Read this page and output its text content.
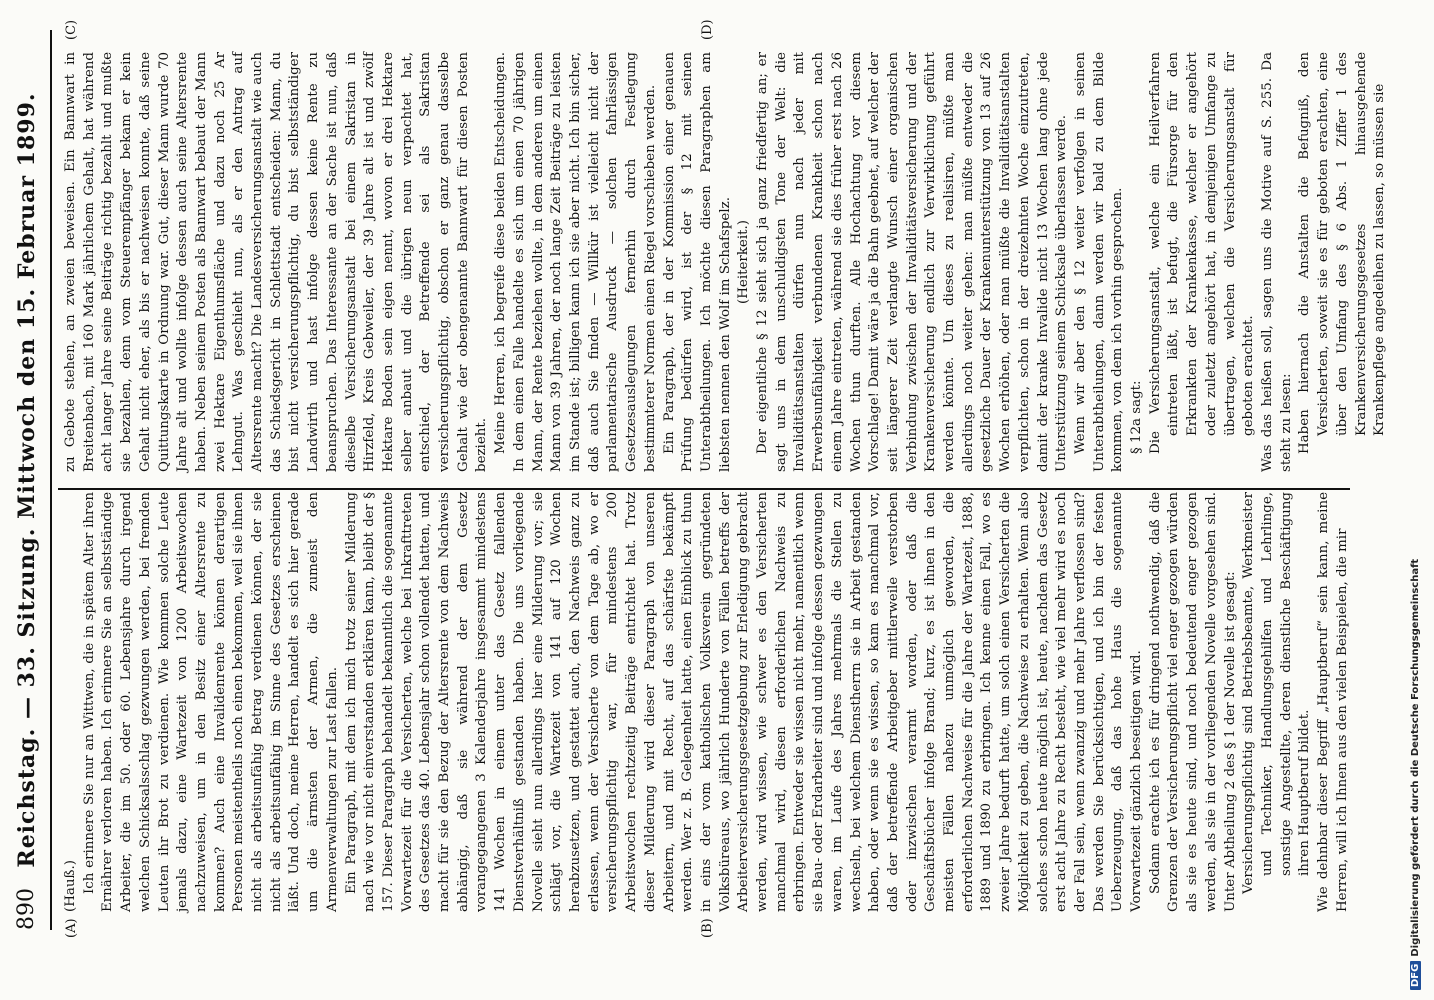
890
Reichstag. — 33. Sitzung. Mittwoch den 15. Februar 1899.
(A)	(B)
(C)	(D)

(Hauß.) Ich erinnere Sie nur an Wittwen, die in spätem Alter ihren Ernährer verloren haben. Ich erinnere Sie an selbstständige Arbeiter, die im 50. oder 60. Lebensjahre durch irgend welchen Schicksalsschlag gezwungen werden, bei fremden Leuten ihr Brot zu verdienen. Wie kommen solche Leute jemals dazu, eine Wartezeit von 1200 Arbeitswochen nachzuweisen, um in den Besitz einer Altersrente zu kommen? Auch eine Invalidenrente können derartigen Personen meistentheils noch einen bekommen, weil sie ihnen nicht als arbeitsunfähig Betrag verdienen können, der sie nicht als arbeitsunfähig im Sinne des Gesetzes erscheinen läßt. Und doch, meine Herren, handelt es sich hier gerade um die ärmsten der Armen, die zumeist den Armenverwaltungen zur Last fallen. Ein Paragraph, mit dem ich mich trotz seiner Milderung nach wie vor nicht einverstanden erklären kann, bleibt der § 157. Dieser Paragraph behandelt bekanntlich die sogenannte Vorwartezeit für die Versicherten, welche bei Inkrafttreten des Gesetzes das 40. Lebensjahr schon vollendet hatten, und macht für sie den Bezug der Altersrente von dem Nachweis abhängig, daß sie während der dem Gesetz vorangegangenen 3 Kalenderjahre insgesammt mindestens 141 Wochen in einem unter das Gesetz fallenden Dienstverhältniß gestanden haben. Die uns vorliegende Novelle sieht nun allerdings hier eine Milderung vor; sie schlägt vor, die Wartezeit von 141 auf 120 Wochen herabzusetzen, und gestattet auch, den Nachweis ganz zu erlassen, wenn der Versicherte von dem Tage ab, wo er versicherungspflichtig war, für mindestens 200 Arbeitswochen rechtzeitig Beiträge entrichtet hat. Trotz dieser Milderung wird dieser Paragraph von unseren Arbeitern, und mit Recht, auf das schärfste bekämpft werden. Wer z. B. Gelegenheit hatte, einen Einblick zu thun in eins der vom katholischen Volksverein gegründeten Volksbüreaus, wo jährlich Hunderte von Fällen betreffs der Arbeiterversicherungsgesetzgebung zur Erledigung gebracht werden, wird wissen, wie schwer es den Versicherten manchmal wird, diesen erforderlichen Nachweis zu erbringen. Entweder sie wissen nicht mehr, namentlich wenn sie Bau- oder Erdarbeiter sind und infolge dessen gezwungen waren, im Laufe des Jahres mehrmals die Stellen zu wechseln, bei welchem Dienstherrn sie in Arbeit gestanden haben, oder wenn sie es wissen, so kam es manchmal vor, daß der betreffende Arbeitgeber mittlerweile verstorben oder inzwischen verarmt worden, oder daß die Geschäftsbücher infolge Brand; kurz, es ist ihnen in den meisten Fällen nahezu unmöglich geworden, die erforderlichen Nachweise für die Jahre der Wartezeit, 1888, 1889 und 1890 zu erbringen. Ich kenne einen Fall, wo es zweier Jahre bedurft hatte, um solch einen Versicherten die Möglichkeit zu geben, die Nachweise zu erhalten. Wenn also solches schon heute möglich ist, heute, nachdem das Gesetz erst acht Jahre zu Recht besteht, wie viel mehr wird es noch der Fall sein, wenn zwanzig und mehr Jahre verflossen sind? Das werden Sie berücksichtigen, und ich bin der festen Ueberzeugung, daß das hohe Haus die sogenannte Vorwartezeit gänzlich beseitigen wird. Sodann erachte ich es für dringend nothwendig, daß die Grenzen der Versicherungspflicht viel enger gezogen würden als sie es heute sind, und noch bedeutend enger gezogen werden, als sie in der vorliegenden Novelle vorgesehen sind. Unter Abtheilung 2 des § 1 der Novelle ist gesagt: Versicherungspflichtig sind Betriebsbeamte, Werkmeister und Techniker, Handlungsgehilfen und Lehrlinge, sonstige Angestellte, deren dienstliche Beschäftigung ihren Hauptberuf bildet. Wie dehnbar dieser Begriff „Hauptberuf“ sein kann, meine Herren, will ich Ihnen aus den vielen Beispielen, die mir

zu Gebote stehen, an zweien beweisen. Ein Bannwart in Breitenbach, mit 160 Mark jährlichem Gehalt, hat während acht langer Jahre seine Beiträge richtig bezahlt und mußte sie bezahlen, denn vom Steuerempfänger bekam er kein Gehalt nicht eher, als bis er nachweisen konnte, daß seine Quittungskarte in Ordnung war. Gut, dieser Mann wurde 70 Jahre alt und wollte infolge dessen auch seine Altersrente haben. Neben seinem Posten als Bannwart bebaut der Mann zwei Hektare Eigenthumsfläche und dazu noch 25 Ar Lehngut. Was geschieht nun, als er den Antrag auf Altersrente macht? Die Landesversicherungsanstalt wie auch das Schiedsgericht in Schlettstadt entscheiden: Mann, du bist nicht versicherungspflichtig, du bist selbstständiger Landwirth und hast infolge dessen keine Rente zu beanspruchen. Das Interessante an der Sache ist nun, daß dieselbe Versicherungsanstalt bei einem Sakristan in Hirzfeld, Kreis Gebweiler, der 39 Jahre alt ist und zwölf Hektare Boden sein eigen nennt, wovon er drei Hektare selber anbaut und die übrigen neun verpachtet hat, entschied, der Betreffende sei als Sakristan versicherungspflichtig, obschon er ganz genau dasselbe Gehalt wie der obengenannte Bannwart für diesen Posten bezieht. Meine Herren, ich begreife diese beiden Entscheidungen. In dem einen Falle handelte es sich um einen 70 jährigen Mann, der Rente beziehen wollte, in dem anderen um einen Mann von 39 Jahren, der noch lange Zeit Beiträge zu leisten im Stande ist; billigen kann ich sie aber nicht. Ich bin sicher, daß auch Sie finden — Willkür ist vielleicht nicht der parlamentarische Ausdruck — solchen fahrlässigen Gesetzesauslegungen fernerhin durch Festlegung bestimmterer Normen einen Riegel vorschieben werden. Ein Paragraph, der in der Kommission einer genauen Prüfung bedürfen wird, ist der § 12 mit seinen Unterabtheilungen. Ich möchte diesen Paragraphen am liebsten nennen den Wolf im Schafspelz. (Heiterkeit.) Der eigentliche § 12 sieht sich ja ganz friedfertig an; er sagt uns in dem unschuldigsten Tone der Welt: die Invaliditätsanstalten dürfen nun nach jeder mit Erwerbsunfähigkeit verbundenen Krankheit schon nach einem Jahre eintreten, während sie dies früher erst nach 26 Wochen thun durften. Alle Hochachtung vor diesem Vorschlage! Damit wäre ja die Bahn geebnet, auf welcher der seit längerer Zeit verlangte Wunsch einer organischen Verbindung zwischen der Invaliditätsversicherung und der Krankenversicherung endlich zur Verwirklichung geführt werden könnte. Um dieses zu realisiren, müßte man allerdings noch weiter gehen: man müßte entweder die gesetzliche Dauer der Krankenunterstützung von 13 auf 26 Wochen erhöhen, oder man müßte die Invaliditätsanstalten verpflichten, schon in der dreizehnten Woche einzutreten, damit der kranke Invalide nicht 13 Wochen lang ohne jede Unterstützung seinem Schicksale überlassen werde. Wenn wir aber den § 12 weiter verfolgen in seinen Unterabtheilungen, dann werden wir bald zu dem Bilde kommen, von dem ich vorhin gesprochen. § 12a sagt: Die Versicherungsanstalt, welche ein Heilverfahren eintreten läßt, ist befugt, die Fürsorge für den Erkrankten der Krankenkasse, welcher er angehört oder zuletzt angehört hat, in demjenigen Umfange zu übertragen, welchen die Versicherungsanstalt für geboten erachtet. Was das heißen soll, sagen uns die Motive auf S. 255. Da steht zu lesen: Haben hiernach die Anstalten die Befugniß, den Versicherten, soweit sie es für geboten erachten, eine über den Umfang des § 6 Abs. 1 Ziffer 1 des Krankenversicherungsgesetzes hinausgehende Krankenpflege angedeihen zu lassen, so müssen sie

DFGDigitalisierung gefördert durch die Deutsche Forschungsgemeinschaft
